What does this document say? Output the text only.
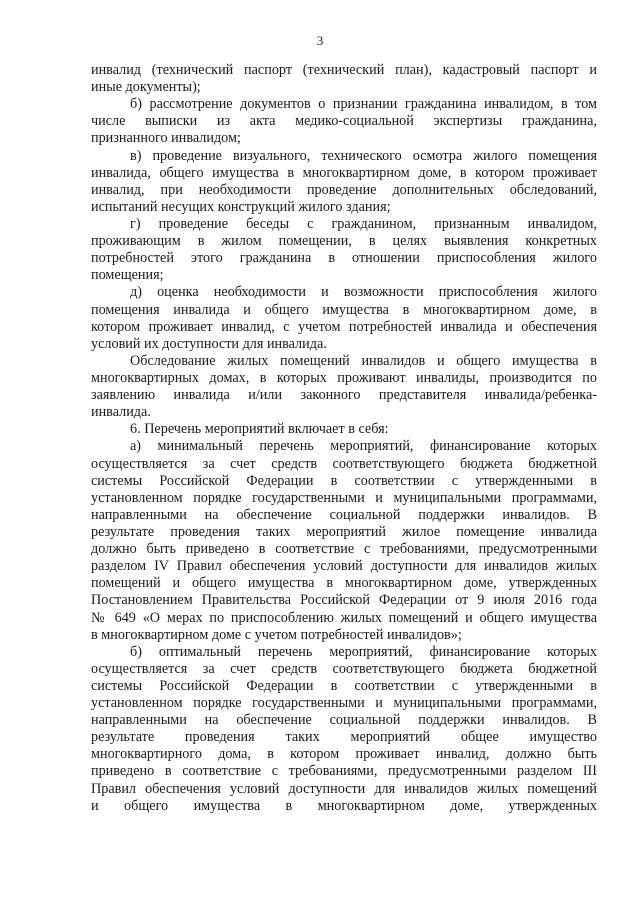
3
инвалид (технический паспорт (технический план), кадастровый паспорт и
иные документы);
б) рассмотрение документов о признании гражданина инвалидом, в том
числе выписки из акта медико-социальной экспертизы гражданина,
признанного инвалидом;
в) проведение визуального, технического осмотра жилого помещения
инвалида, общего имущества в многоквартирном доме, в котором проживает
инвалид, при необходимости проведение дополнительных обследований,
испытаний несущих конструкций жилого здания;
г) проведение беседы с гражданином, признанным инвалидом,
проживающим в жилом помещении, в целях выявления конкретных
потребностей этого гражданина в отношении приспособления жилого
помещения;
д) оценка необходимости и возможности приспособления жилого
помещения инвалида и общего имущества в многоквартирном доме, в
котором проживает инвалид, с учетом потребностей инвалида и обеспечения
условий их доступности для инвалида.
Обследование жилых помещений инвалидов и общего имущества в
многоквартирных домах, в которых проживают инвалиды, производится по
заявлению инвалида и/или законного представителя инвалида/ребенка-
инвалида.
6. Перечень мероприятий включает в себя:
а) минимальный перечень мероприятий, финансирование которых
осуществляется за счет средств соответствующего бюджета бюджетной
системы Российской Федерации в соответствии с утвержденными в
установленном порядке государственными и муниципальными программами,
направленными на обеспечение социальной поддержки инвалидов. В
результате проведения таких мероприятий жилое помещение инвалида
должно быть приведено в соответствие с требованиями, предусмотренными
разделом IV Правил обеспечения условий доступности для инвалидов жилых
помещений и общего имущества в многоквартирном доме, утвержденных
Постановлением Правительства Российской Федерации от 9 июля 2016 года
№ 649 «О мерах по приспособлению жилых помещений и общего имущества
в многоквартирном доме с учетом потребностей инвалидов»;
б) оптимальный перечень мероприятий, финансирование которых
осуществляется за счет средств соответствующего бюджета бюджетной
системы Российской Федерации в соответствии с утвержденными в
установленном порядке государственными и муниципальными программами,
направленными на обеспечение социальной поддержки инвалидов. В
результате проведения таких мероприятий общее имущество
многоквартирного дома, в котором проживает инвалид, должно быть
приведено в соответствие с требованиями, предусмотренными разделом III
Правил обеспечения условий доступности для инвалидов жилых помещений
и общего имущества в многоквартирном доме, утвержденных
